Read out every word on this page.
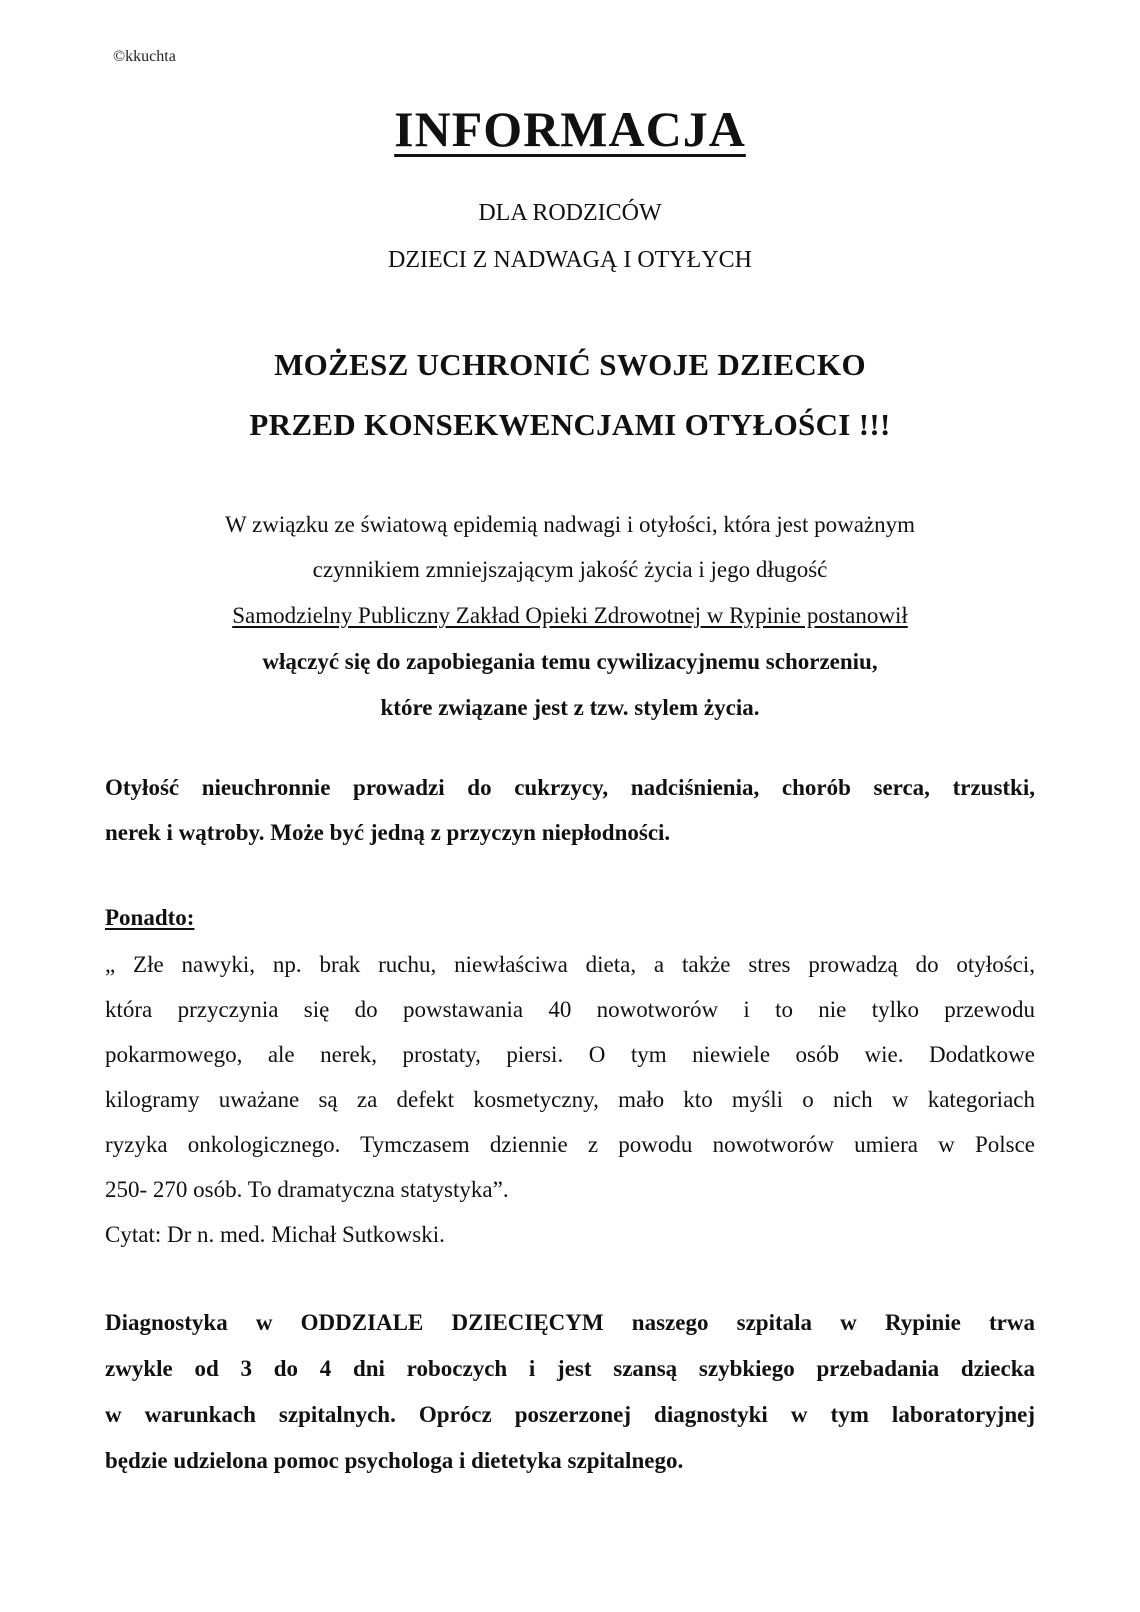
©kkuchta
INFORMACJA
DLA RODZICÓW
DZIECI Z NADWAGĄ I OTYŁYCH
MOŻESZ UCHRONIĆ SWOJE DZIECKO
PRZED KONSEKWENCJAMI OTYŁOŚCI !!!
W związku ze światową epidemią nadwagi i otyłości, która jest poważnym
czynnikiem zmniejszającym jakość życia i jego długość
Samodzielny Publiczny Zakład Opieki Zdrowotnej w Rypinie postanowił
włączyć się do zapobiegania temu cywilizacyjnemu schorzeniu,
które związane jest z tzw. stylem życia.
Otyłość nieuchronnie prowadzi do cukrzycy, nadciśnienia, chorób serca, trzustki,
nerek i wątroby. Może być jedną z przyczyn niepłodności.
Ponadto:
„ Złe nawyki, np. brak ruchu, niewłaściwa dieta, a także stres prowadzą do otyłości,
która przyczynia się do powstawania 40 nowotworów i to nie tylko przewodu
pokarmowego, ale nerek, prostaty, piersi. O tym niewiele osób wie. Dodatkowe
kilogramy uważane są za defekt kosmetyczny, mało kto myśli o nich w kategoriach
ryzyka onkologicznego. Tymczasem dziennie z powodu nowotworów umiera w Polsce
250- 270 osób. To dramatyczna statystyka”.
Cytat: Dr n. med. Michał Sutkowski.
Diagnostyka w ODDZIALE DZIECIĘCYM naszego szpitala w Rypinie trwa
zwykle od 3 do 4 dni roboczych i jest szansą szybkiego przebadania dziecka
w warunkach szpitalnych. Oprócz poszerzonej diagnostyki w tym laboratoryjnej
będzie udzielona pomoc psychologa i dietetyka szpitalnego.
